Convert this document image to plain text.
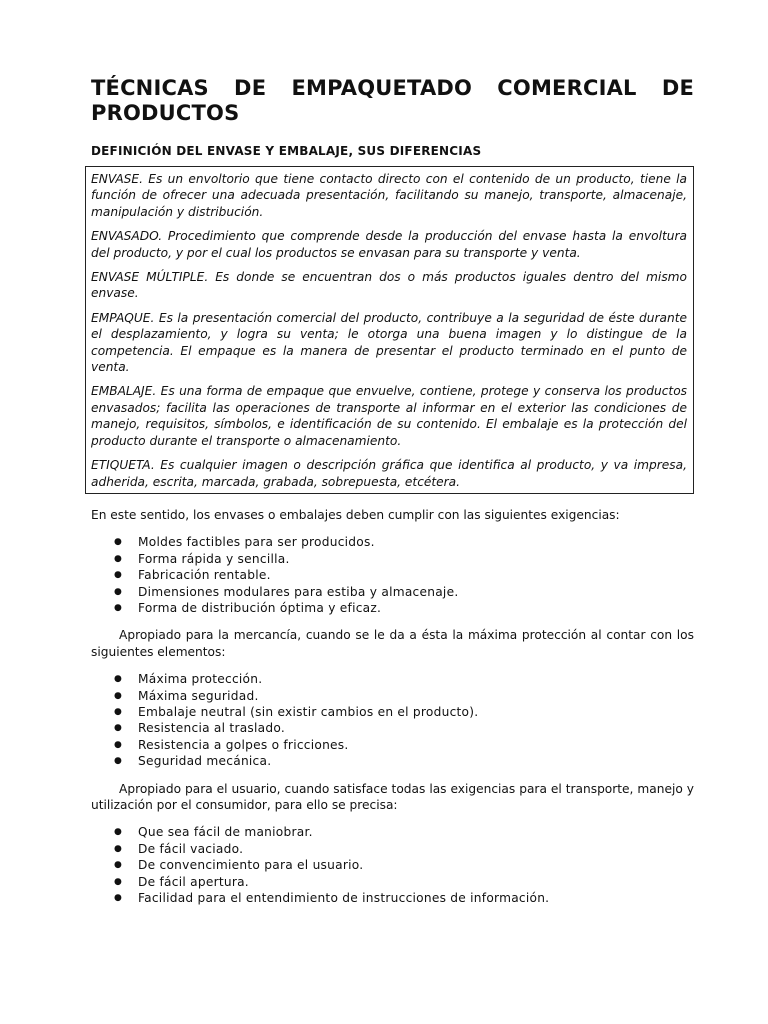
TÉCNICAS DE EMPAQUETADO COMERCIAL DE PRODUCTOS
DEFINICIÓN DEL ENVASE Y EMBALAJE, SUS DIFERENCIAS

ENVASE. Es un envoltorio que tiene contacto directo con el contenido de un producto, tiene la función de ofrecer una adecuada presentación, facilitando su manejo, transporte, almacenaje, manipulación y distribución.

ENVASADO. Procedimiento que comprende desde la producción del envase hasta la envoltura del producto, y por el cual los productos se envasan para su transporte y venta.

ENVASE MÚLTIPLE. Es donde se encuentran dos o más productos iguales dentro del mismo envase.

EMPAQUE. Es la presentación comercial del producto, contribuye a la seguridad de éste durante el desplazamiento, y logra su venta; le otorga una buena imagen y lo distingue de la competencia. El empaque es la manera de presentar el producto terminado en el punto de venta.

EMBALAJE. Es una forma de empaque que envuelve, contiene, protege y conserva los productos envasados; facilita las operaciones de transporte al informar en el exterior las condiciones de manejo, requisitos, símbolos, e identificación de su contenido. El embalaje es la protección del producto durante el transporte o almacenamiento.

ETIQUETA. Es cualquier imagen o descripción gráfica que identifica al producto, y va impresa, adherida, escrita, marcada, grabada, sobrepuesta, etcétera.

En este sentido, los envases o embalajes deben cumplir con las siguientes exigencias:

● Moldes factibles para ser producidos.
● Forma rápida y sencilla.
● Fabricación rentable.
● Dimensiones modulares para estiba y almacenaje.
● Forma de distribución óptima y eficaz.

Apropiado para la mercancía, cuando se le da a ésta la máxima protección al contar con los siguientes elementos:

● Máxima protección.
● Máxima seguridad.
● Embalaje neutral (sin existir cambios en el producto).
● Resistencia al traslado.
● Resistencia a golpes o fricciones.
● Seguridad mecánica.

Apropiado para el usuario, cuando satisface todas las exigencias para el transporte, manejo y utilización por el consumidor, para ello se precisa:

● Que sea fácil de maniobrar.
● De fácil vaciado.
● De convencimiento para el usuario.
● De fácil apertura.
● Facilidad para el entendimiento de instrucciones de información.
